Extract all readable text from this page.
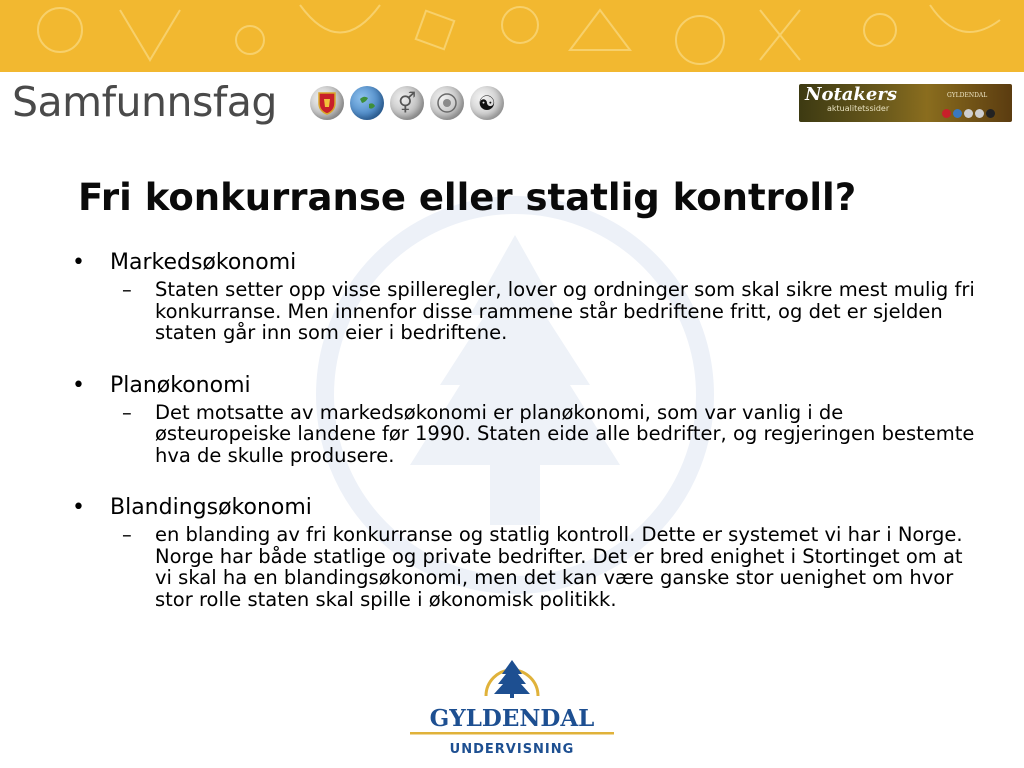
Samfunnsfag	⚥	☯	Notakers
aktualitetssider
GYLDENDAL
Fri konkurranse eller statlig kontroll?
•	Markedsøkonomi
–	Staten setter opp visse spilleregler, lover og ordninger som skal sikre mest mulig fri konkurranse. Men innenfor disse rammene står bedriftene fritt, og det er sjelden staten går inn som eier i bedriftene.
•	Planøkonomi
–	Det motsatte av markedsøkonomi er planøkonomi, som var vanlig i de østeuropeiske landene før 1990. Staten eide alle bedrifter, og regjeringen bestemte hva de skulle produsere.
•	Blandingsøkonomi
–	en blanding av fri konkurranse og statlig kontroll. Dette er systemet vi har i Norge. Norge har både statlige og private bedrifter. Det er bred enighet i Stortinget om at vi skal ha en blandingsøkonomi, men det kan være ganske stor uenighet om hvor stor rolle staten skal spille i økonomisk politikk.
GYLDENDAL
UNDERVISNING
